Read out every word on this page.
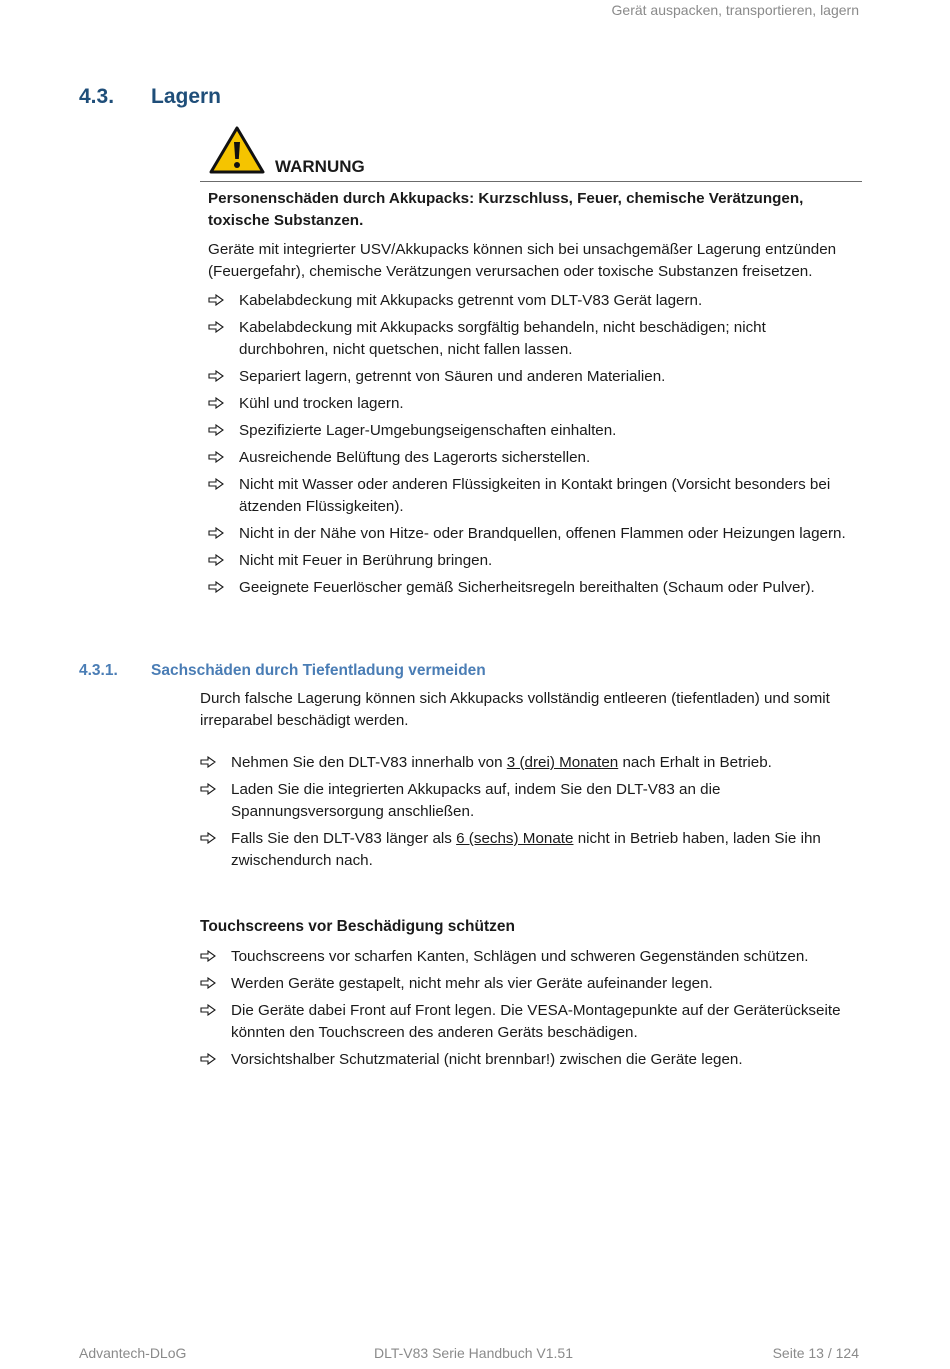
Gerät auspacken, transportieren, lagern
4.3. Lagern
WARNUNG

Personenschäden durch Akkupacks: Kurzschluss, Feuer, chemische Verätzungen, toxische Substanzen.

Geräte mit integrierter USV/Akkupacks können sich bei unsachgemäßer Lagerung entzünden (Feuergefahr), chemische Verätzungen verursachen oder toxische Substanzen freisetzen.

Kabelabdeckung mit Akkupacks getrennt vom DLT-V83 Gerät lagern.
Kabelabdeckung mit Akkupacks sorgfältig behandeln, nicht beschädigen; nicht durchbohren, nicht quetschen, nicht fallen lassen.
Separiert lagern, getrennt von Säuren und anderen Materialien.
Kühl und trocken lagern.
Spezifizierte Lager-Umgebungseigenschaften einhalten.
Ausreichende Belüftung des Lagerorts sicherstellen.
Nicht mit Wasser oder anderen Flüssigkeiten in Kontakt bringen (Vorsicht besonders bei ätzenden Flüssigkeiten).
Nicht in der Nähe von Hitze- oder Brandquellen, offenen Flammen oder Heizungen lagern.
Nicht mit Feuer in Berührung bringen.
Geeignete Feuerlöscher gemäß Sicherheitsregeln bereithalten (Schaum oder Pulver).
4.3.1. Sachschäden durch Tiefentladung vermeiden

Durch falsche Lagerung können sich Akkupacks vollständig entleeren (tiefentladen) und somit irreparabel beschädigt werden.

Nehmen Sie den DLT-V83 innerhalb von 3 (drei) Monaten nach Erhalt in Betrieb.
Laden Sie die integrierten Akkupacks auf, indem Sie den DLT-V83 an die Spannungsversorgung anschließen.
Falls Sie den DLT-V83 länger als 6 (sechs) Monate nicht in Betrieb haben, laden Sie ihn zwischendurch nach.
Touchscreens vor Beschädigung schützen
Touchscreens vor scharfen Kanten, Schlägen und schweren Gegenständen schützen.
Werden Geräte gestapelt, nicht mehr als vier Geräte aufeinander legen.
Die Geräte dabei Front auf Front legen. Die VESA-Montagepunkte auf der Geräterückseite könnten den Touchscreen des anderen Geräts beschädigen.
Vorsichtshalber Schutzmaterial (nicht brennbar!) zwischen die Geräte legen.
Advantech-DLoG	DLT-V83 Serie Handbuch V1.51	Seite 13 / 124
